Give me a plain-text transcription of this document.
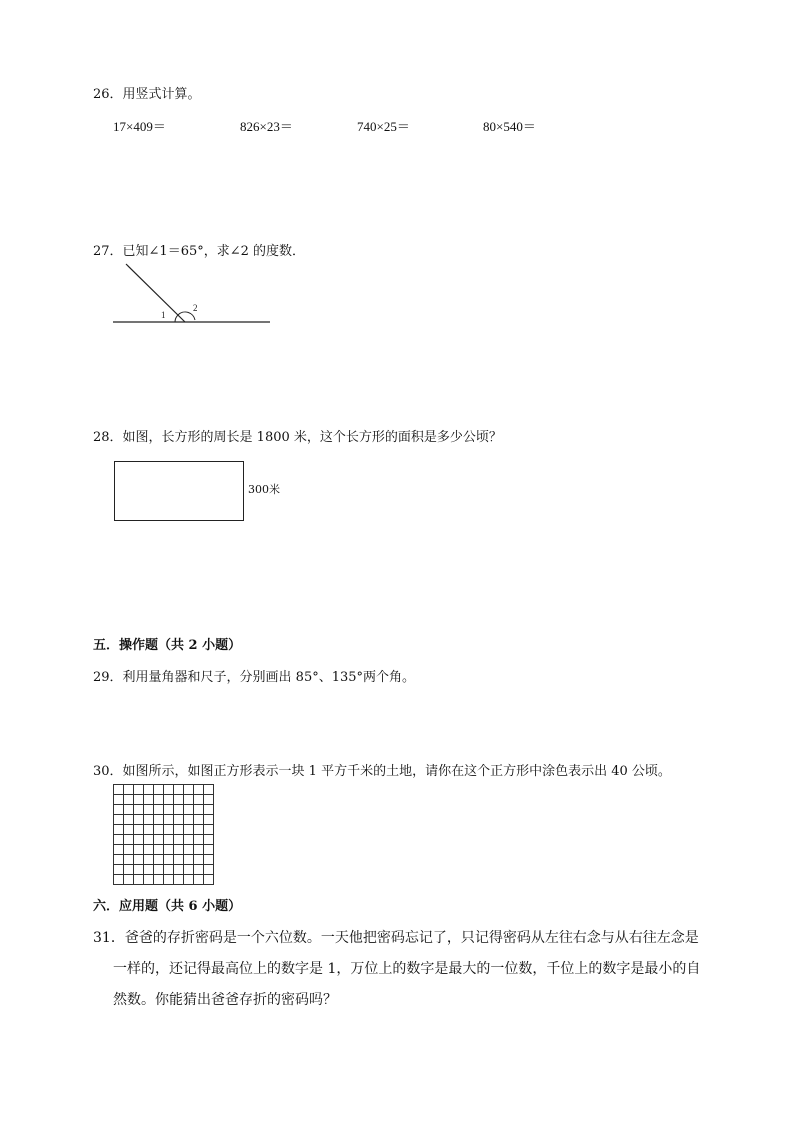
26．用竖式计算。
17×409＝	826×23＝	740×25＝	80×540＝
27．已知∠1＝65°，求∠2 的度数．
1
2
28．如图，长方形的周长是 1800 米，这个长方形的面积是多少公顷？
300米
五．操作题（共 2 小题）
29．利用量角器和尺子，分别画出 85°、135°两个角。
30．如图所示，如图正方形表示一块 1 平方千米的土地，请你在这个正方形中涂色表示出 40 公顷。

六．应用题（共 6 小题）
31．爸爸的存折密码是一个六位数。一天他把密码忘记了，只记得密码从左往右念与从右往左念是
一样的，还记得最高位上的数字是 1，万位上的数字是最大的一位数，千位上的数字是最小的自
然数。你能猜出爸爸存折的密码吗？
